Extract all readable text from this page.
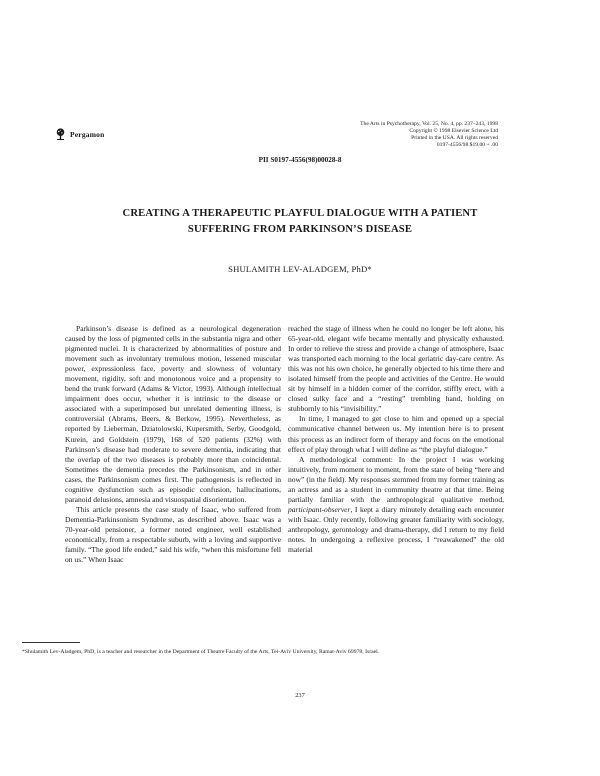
Pergamon
The Arts in Psychotherapy, Vol. 25, No. 4, pp. 237–243, 1998
Copyright © 1998 Elsevier Science Ltd
Printed in the USA. All rights reserved
0197-4556/98 $19.00 + .00
PII S0197-4556(98)00028-8
CREATING A THERAPEUTIC PLAYFUL DIALOGUE WITH A PATIENT
SUFFERING FROM PARKINSON’S DISEASE
SHULAMITH LEV-ALADGEM, PhD*

Parkinson’s disease is defined as a neurological degeneration caused by the loss of pigmented cells in the substantia nigra and other pigmented nuclei. It is characterized by abnormalities of posture and movement such as involuntary tremulous motion, lessened muscular power, expressionless face, poverty and slowness of voluntary movement, rigidity, soft and monotonous voice and a propensity to bend the trunk forward (Adams & Victor, 1993). Although intellectual impairment does occur, whether it is intrinsic to the disease or associated with a superimposed but unrelated dementing illness, is controversial (Abrams, Beers, & Berkow, 1995). Nevertheless, as reported by Lieberman, Dziatolowski, Kupersmith, Serby, Goodgold, Kurein, and Goldstein (1979), 168 of 520 patients (32%) with Parkinson’s disease had moderate to severe dementia, indicating that the overlap of the two diseases is probably more than coincidental. Sometimes the dementia precedes the Parkinsonism, and in other cases, the Parkinsonism comes first. The pathogenesis is reflected in cognitive dysfunction such as episodic confusion, hallucinations, paranoid delusions, amnesia and visuospatial disorientation.

This article presents the case study of Isaac, who suffered from Dementia-Parkinsonism Syndrome, as described above. Isaac was a 70-year-old pensioner, a former noted engineer, well established economically, from a respectable suburb, with a loving and supportive family. “The good life ended,” said his wife, “when this misfortune fell on us.” When Isaac

reached the stage of illness when he could no longer be left alone, his 65-year-old, elegant wife became mentally and physically exhausted. In order to relieve the stress and provide a change of atmosphere, Isaac was transported each morning to the local geriatric day-care centre. As this was not his own choice, he generally objected to his time there and isolated himself from the people and activities of the Centre. He would sit by himself in a hidden corner of the corridor, stiffly erect, with a closed sulky face and a “resting” trembling hand, holding on stubbornly to his “invisibility.”

In time, I managed to get close to him and opened up a special communicative channel between us. My intention here is to present this process as an indirect form of therapy and focus on the emotional effect of play through what I will define as “the playful dialogue.”

A methodological comment: In the project I was working intuitively, from moment to moment, from the state of being “here and now” (in the field). My responses stemmed from my former training as an actress and as a student in community theatre at that time. Being partially familiar with the anthropological qualitative method, participant-observer, I kept a diary minutely detailing each encounter with Isaac. Only recently, following greater familiarity with sociology, anthropology, gerontology and drama-therapy, did I return to my field notes. In undergoing a reflexive process, I “reawakened” the old material

*Shulamith Lev-Aladgem, PhD, is a teacher and researcher in the Department of Theatre Faculty of the Arts, Tel-Aviv University, Ramat-Aviv 69978, Israel.
237
